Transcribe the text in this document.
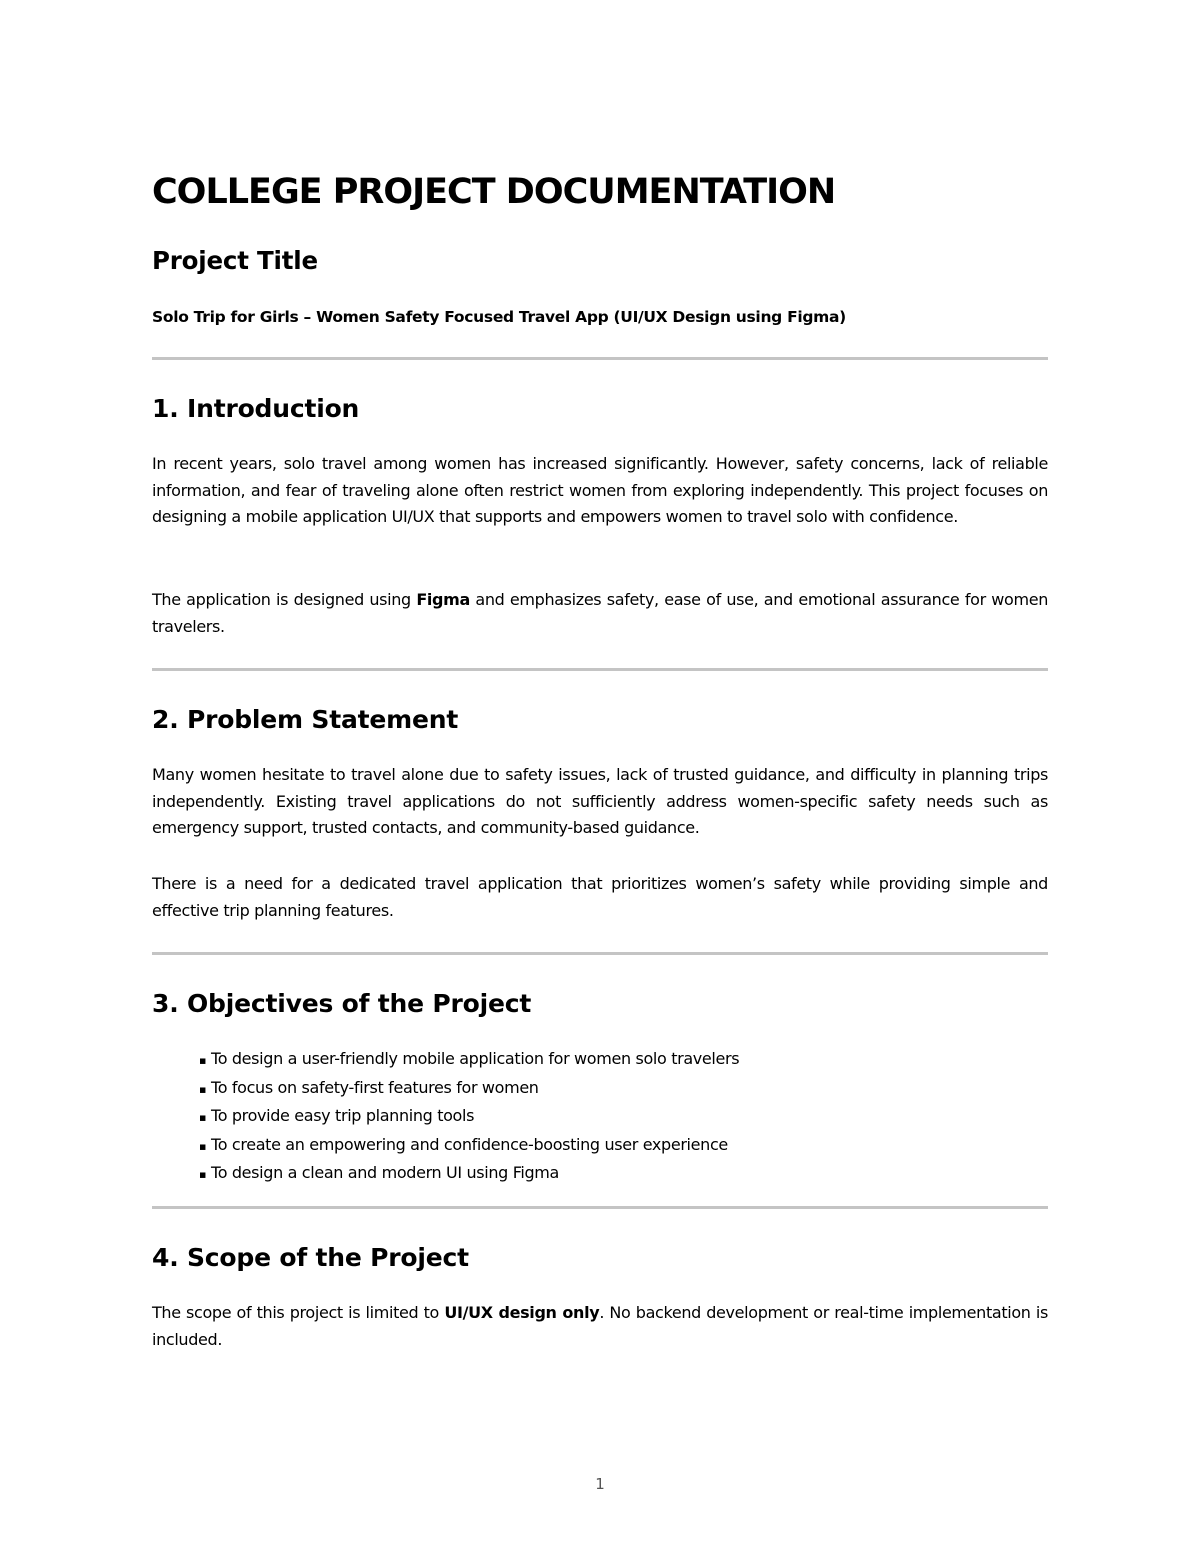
COLLEGE PROJECT DOCUMENTATION
Project Title
Solo Trip for Girls – Women Safety Focused Travel App (UI/UX Design using Figma)
1. Introduction

In recent years, solo travel among women has increased significantly. However, safety concerns, lack of reliable information, and fear of traveling alone often restrict women from exploring independently. This project focuses on designing a mobile application UI/UX that supports and empowers women to travel solo with confidence.

The application is designed using Figma and emphasizes safety, ease of use, and emotional assurance for women travelers.

2. Problem Statement

Many women hesitate to travel alone due to safety issues, lack of trusted guidance, and difficulty in planning trips independently. Existing travel applications do not sufficiently address women-specific safety needs such as emergency support, trusted contacts, and community-based guidance.

There is a need for a dedicated travel application that prioritizes women’s safety while providing simple and effective trip planning features.

3. Objectives of the Project
▪ To design a user-friendly mobile application for women solo travelers
▪ To focus on safety-first features for women
▪ To provide easy trip planning tools
▪ To create an empowering and confidence-boosting user experience
▪ To design a clean and modern UI using Figma
4. Scope of the Project

The scope of this project is limited to UI/UX design only. No backend development or real-time implementation is included.

1
